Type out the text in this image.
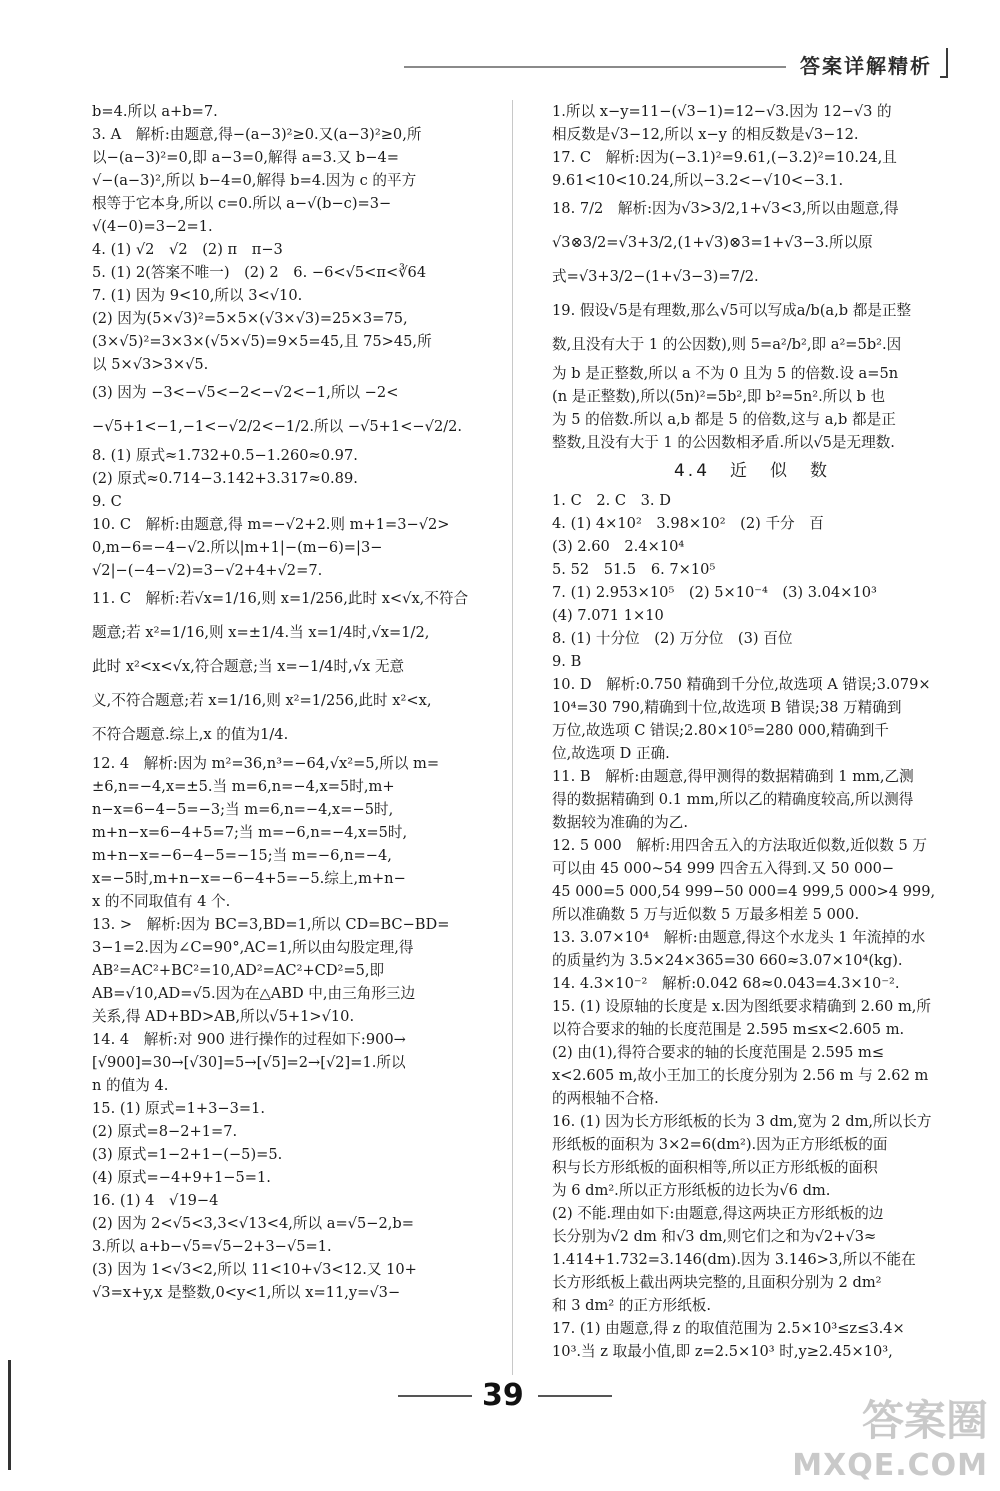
答案详解精析
b=4.所以 a+b=7.
3. A　解析:由题意,得−(a−3)²≥0.又(a−3)²≥0,所
以−(a−3)²=0,即 a−3=0,解得 a=3.又 b−4=
√−(a−3)²,所以 b−4=0,解得 b=4.因为 c 的平方
根等于它本身,所以 c=0.所以 a−√(b−c)=3−
√(4−0)=3−2=1.
4. (1) √2　√2　(2) π　π−3
5. (1) 2(答案不唯一)　(2) 2　6. −6<√5<π<∛64
7. (1) 因为 9<10,所以 3<√10.
(2) 因为(5×√3)²=5×5×(√3×√3)=25×3=75,
(3×√5)²=3×3×(√5×√5)=9×5=45,且 75>45,所
以 5×√3>3×√5.
(3) 因为 −3<−√5<−2<−√2<−1,所以 −2<
−√5+1<−1,−1<−√2/2<−1/2.所以 −√5+1<−√2/2.
8. (1) 原式≈1.732+0.5−1.260≈0.97.
(2) 原式≈0.714−3.142+3.317≈0.89.
9. C
10. C　解析:由题意,得 m=−√2+2.则 m+1=3−√2>
0,m−6=−4−√2.所以|m+1|−(m−6)=|3−
√2|−(−4−√2)=3−√2+4+√2=7.
11. C　解析:若√x=1/16,则 x=1/256,此时 x<√x,不符合
题意;若 x²=1/16,则 x=±1/4.当 x=1/4时,√x=1/2,
此时 x²<x<√x,符合题意;当 x=−1/4时,√x 无意
义,不符合题意;若 x=1/16,则 x²=1/256,此时 x²<x,
不符合题意.综上,x 的值为1/4.
12. 4　解析:因为 m²=36,n³=−64,√x²=5,所以 m=
±6,n=−4,x=±5.当 m=6,n=−4,x=5时,m+
n−x=6−4−5=−3;当 m=6,n=−4,x=−5时,
m+n−x=6−4+5=7;当 m=−6,n=−4,x=5时,
m+n−x=−6−4−5=−15;当 m=−6,n=−4,
x=−5时,m+n−x=−6−4+5=−5.综上,m+n−
x 的不同取值有 4 个.
13. >　解析:因为 BC=3,BD=1,所以 CD=BC−BD=
3−1=2.因为∠C=90°,AC=1,所以由勾股定理,得
AB²=AC²+BC²=10,AD²=AC²+CD²=5,即
AB=√10,AD=√5.因为在△ABD 中,由三角形三边
关系,得 AD+BD>AB,所以√5+1>√10.
14. 4　解析:对 900 进行操作的过程如下:900→
[√900]=30→[√30]=5→[√5]=2→[√2]=1.所以
n 的值为 4.
15. (1) 原式=1+3−3=1.
(2) 原式=8−2+1=7.
(3) 原式=1−2+1−(−5)=5.
(4) 原式=−4+9+1−5=1.
16. (1) 4　√19−4
(2) 因为 2<√5<3,3<√13<4,所以 a=√5−2,b=
3.所以 a+b−√5=√5−2+3−√5=1.
(3) 因为 1<√3<2,所以 11<10+√3<12.又 10+
√3=x+y,x 是整数,0<y<1,所以 x=11,y=√3−
1.所以 x−y=11−(√3−1)=12−√3.因为 12−√3 的
相反数是√3−12,所以 x−y 的相反数是√3−12.
17. C　解析:因为(−3.1)²=9.61,(−3.2)²=10.24,且
9.61<10<10.24,所以−3.2<−√10<−3.1.
18. 7/2　解析:因为√3>3/2,1+√3<3,所以由题意,得
√3⊗3/2=√3+3/2,(1+√3)⊗3=1+√3−3.所以原
式=√3+3/2−(1+√3−3)=7/2.
19. 假设√5是有理数,那么√5可以写成a/b(a,b 都是正整
数,且没有大于 1 的公因数),则 5=a²/b²,即 a²=5b².因
为 b 是正整数,所以 a 不为 0 且为 5 的倍数.设 a=5n
(n 是正整数),所以(5n)²=5b²,即 b²=5n².所以 b 也
为 5 的倍数.所以 a,b 都是 5 的倍数,这与 a,b 都是正
整数,且没有大于 1 的公因数相矛盾.所以√5是无理数.
4.4　近　似　数
1. C　2. C　3. D
4. (1) 4×10²　3.98×10²　(2) 千分　百
(3) 2.60　2.4×10⁴
5. 52　51.5　6. 7×10⁵
7. (1) 2.953×10⁵　(2) 5×10⁻⁴　(3) 3.04×10³
(4) 7.071 1×10
8. (1) 十分位　(2) 万分位　(3) 百位
9. B
10. D　解析:0.750 精确到千分位,故选项 A 错误;3.079×
10⁴=30 790,精确到十位,故选项 B 错误;38 万精确到
万位,故选项 C 错误;2.80×10⁵=280 000,精确到千
位,故选项 D 正确.
11. B　解析:由题意,得甲测得的数据精确到 1 mm,乙测
得的数据精确到 0.1 mm,所以乙的精确度较高,所以测得
数据较为准确的为乙.
12. 5 000　解析:用四舍五入的方法取近似数,近似数 5 万
可以由 45 000~54 999 四舍五入得到.又 50 000−
45 000=5 000,54 999−50 000=4 999,5 000>4 999,
所以准确数 5 万与近似数 5 万最多相差 5 000.
13. 3.07×10⁴　解析:由题意,得这个水龙头 1 年流掉的水
的质量约为 3.5×24×365=30 660≈3.07×10⁴(kg).
14. 4.3×10⁻²　解析:0.042 68≈0.043=4.3×10⁻².
15. (1) 设原轴的长度是 x.因为图纸要求精确到 2.60 m,所
以符合要求的轴的长度范围是 2.595 m≤x<2.605 m.
(2) 由(1),得符合要求的轴的长度范围是 2.595 m≤
x<2.605 m,故小王加工的长度分别为 2.56 m 与 2.62 m
的两根轴不合格.
16. (1) 因为长方形纸板的长为 3 dm,宽为 2 dm,所以长方
形纸板的面积为 3×2=6(dm²).因为正方形纸板的面
积与长方形纸板的面积相等,所以正方形纸板的面积
为 6 dm².所以正方形纸板的边长为√6 dm.
(2) 不能.理由如下:由题意,得这两块正方形纸板的边
长分别为√2 dm 和√3 dm,则它们之和为√2+√3≈
1.414+1.732=3.146(dm).因为 3.146>3,所以不能在
长方形纸板上截出两块完整的,且面积分别为 2 dm²
和 3 dm² 的正方形纸板.
17. (1) 由题意,得 z 的取值范围为 2.5×10³≤z≤3.4×
10³.当 z 取最小值,即 z=2.5×10³ 时,y≥2.45×10³,
39
答案圈
MXQE.COM
